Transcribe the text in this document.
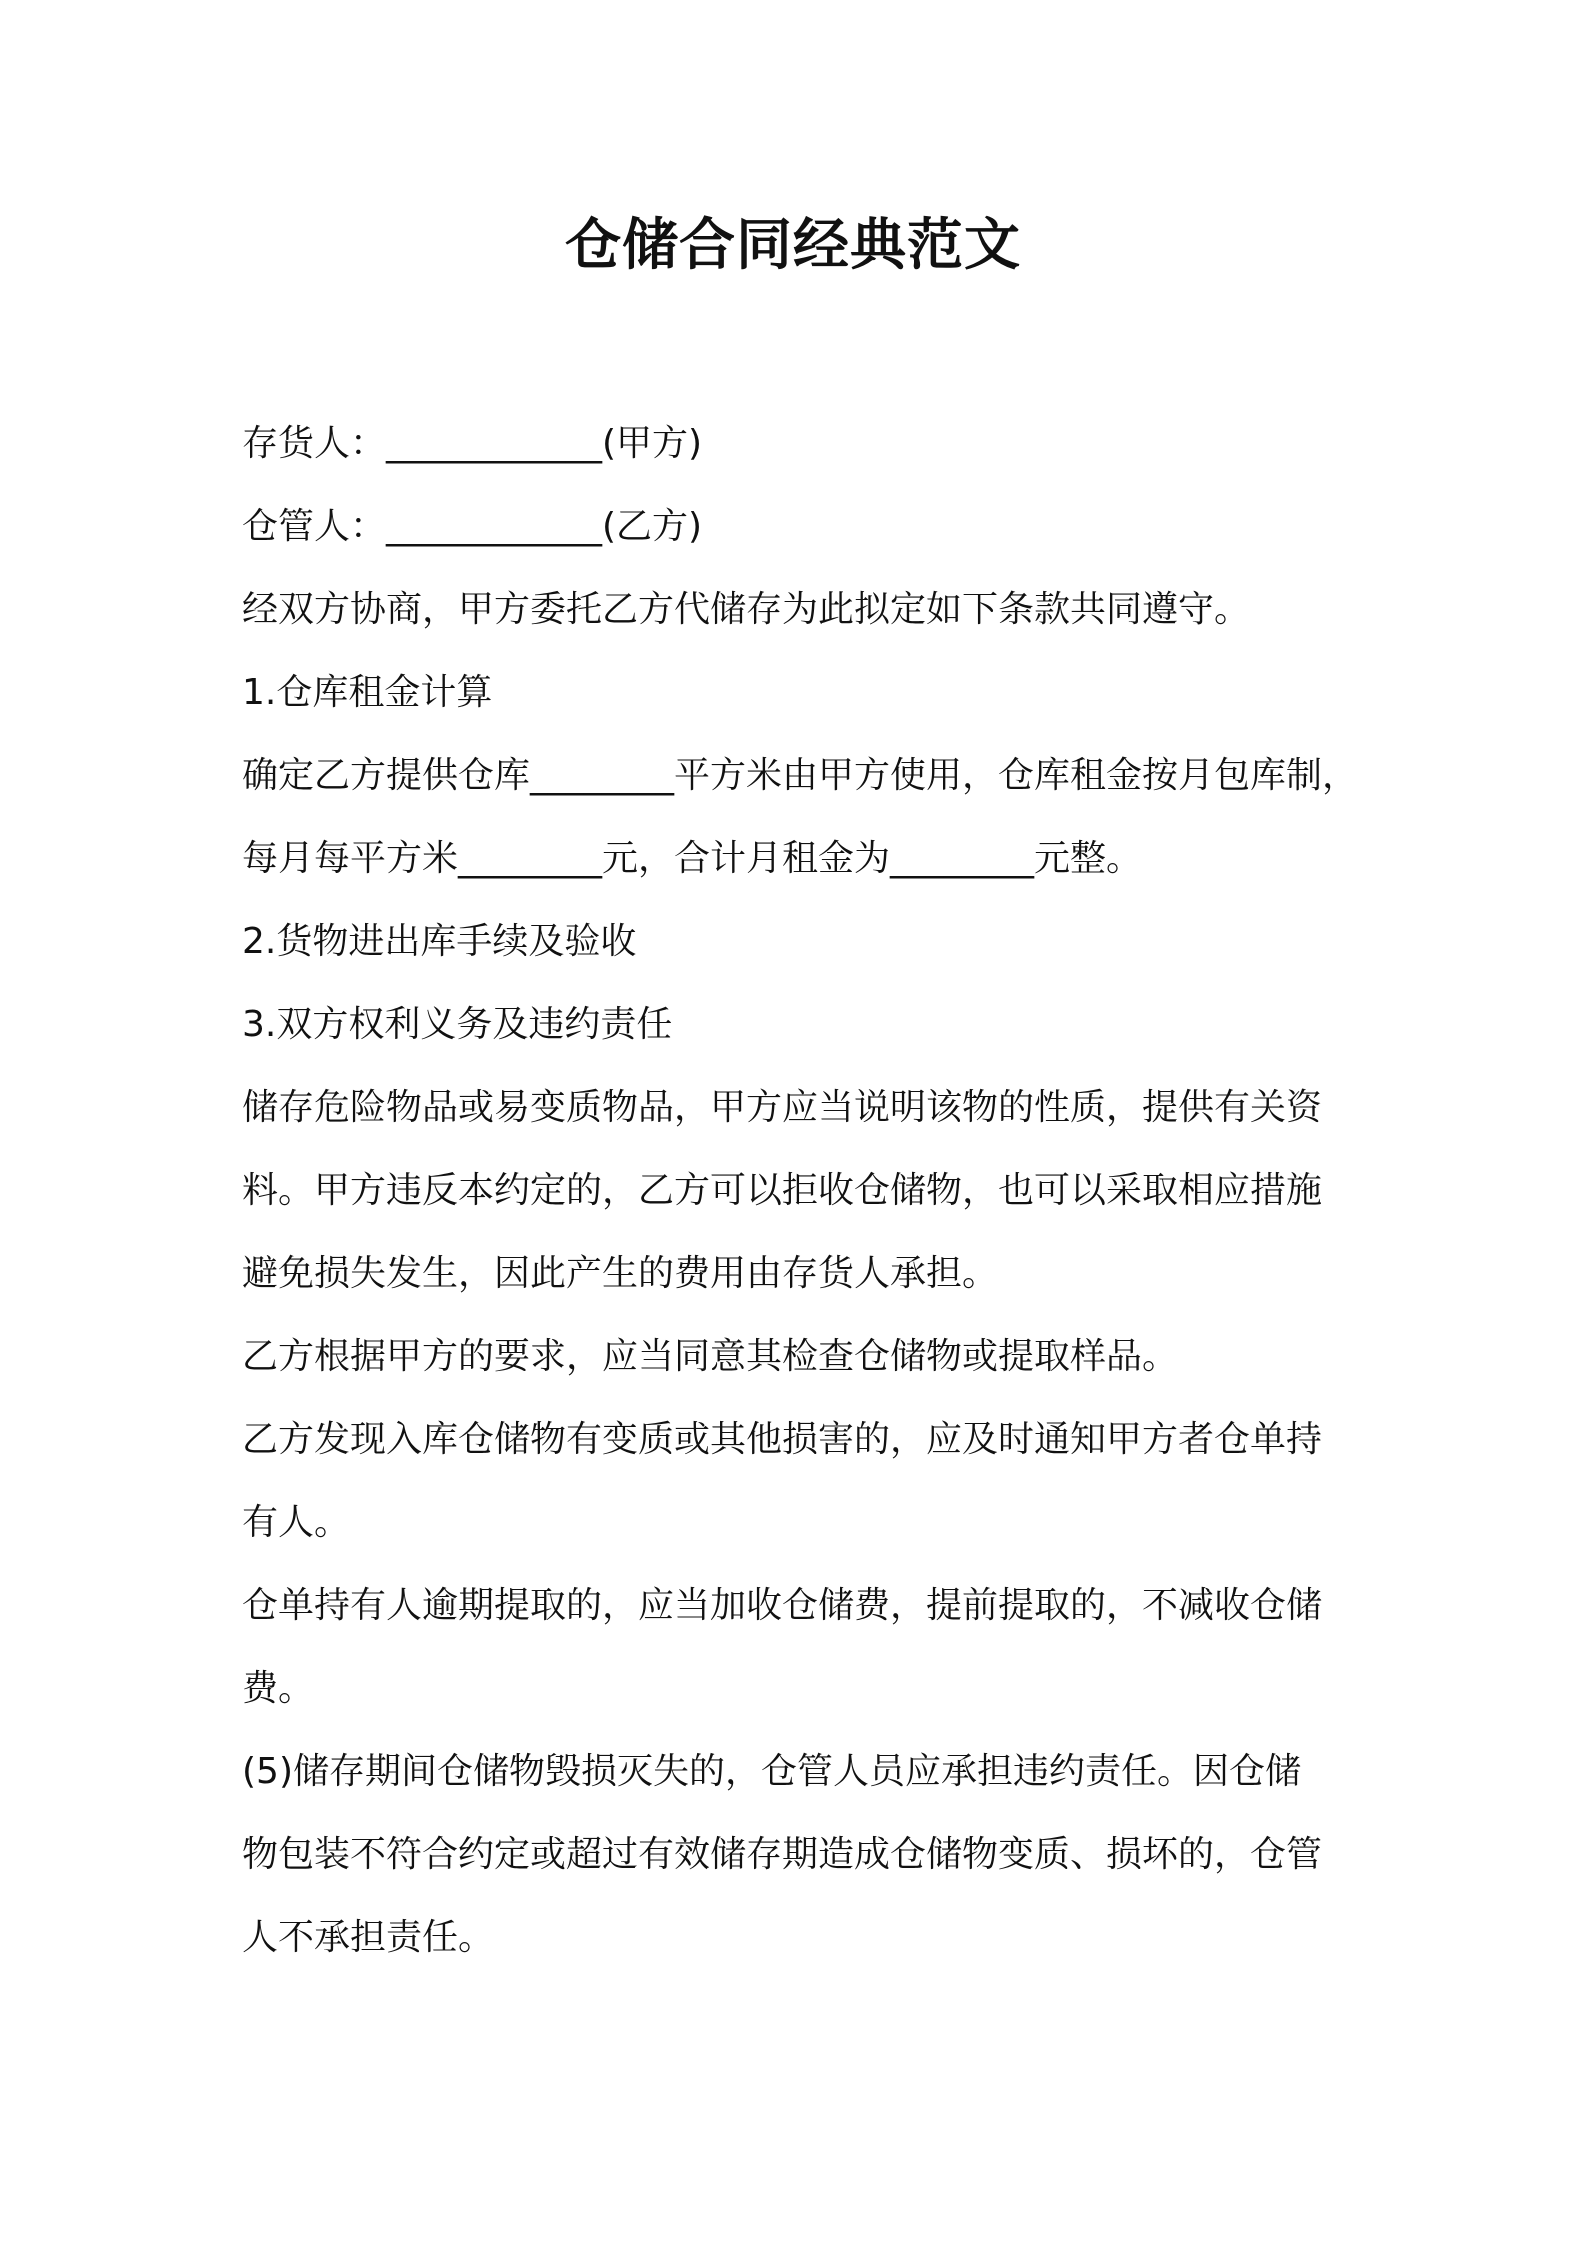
仓储合同经典范文

存货人：____________(甲方)

仓管人：____________(乙方)

经双方协商，甲方委托乙方代储存为此拟定如下条款共同遵守。

1.仓库租金计算

确定乙方提供仓库________平方米由甲方使用，仓库租金按月包库制，

每月每平方米________元，合计月租金为________元整。

2.货物进出库手续及验收

3.双方权利义务及违约责任

储存危险物品或易变质物品，甲方应当说明该物的性质，提供有关资

料。甲方违反本约定的，乙方可以拒收仓储物，也可以采取相应措施

避免损失发生，因此产生的费用由存货人承担。

乙方根据甲方的要求，应当同意其检查仓储物或提取样品。

乙方发现入库仓储物有变质或其他损害的，应及时通知甲方者仓单持

有人。

仓单持有人逾期提取的，应当加收仓储费，提前提取的，不减收仓储

费。

(5)储存期间仓储物毁损灭失的，仓管人员应承担违约责任。因仓储

物包装不符合约定或超过有效储存期造成仓储物变质、损坏的，仓管

人不承担责任。
